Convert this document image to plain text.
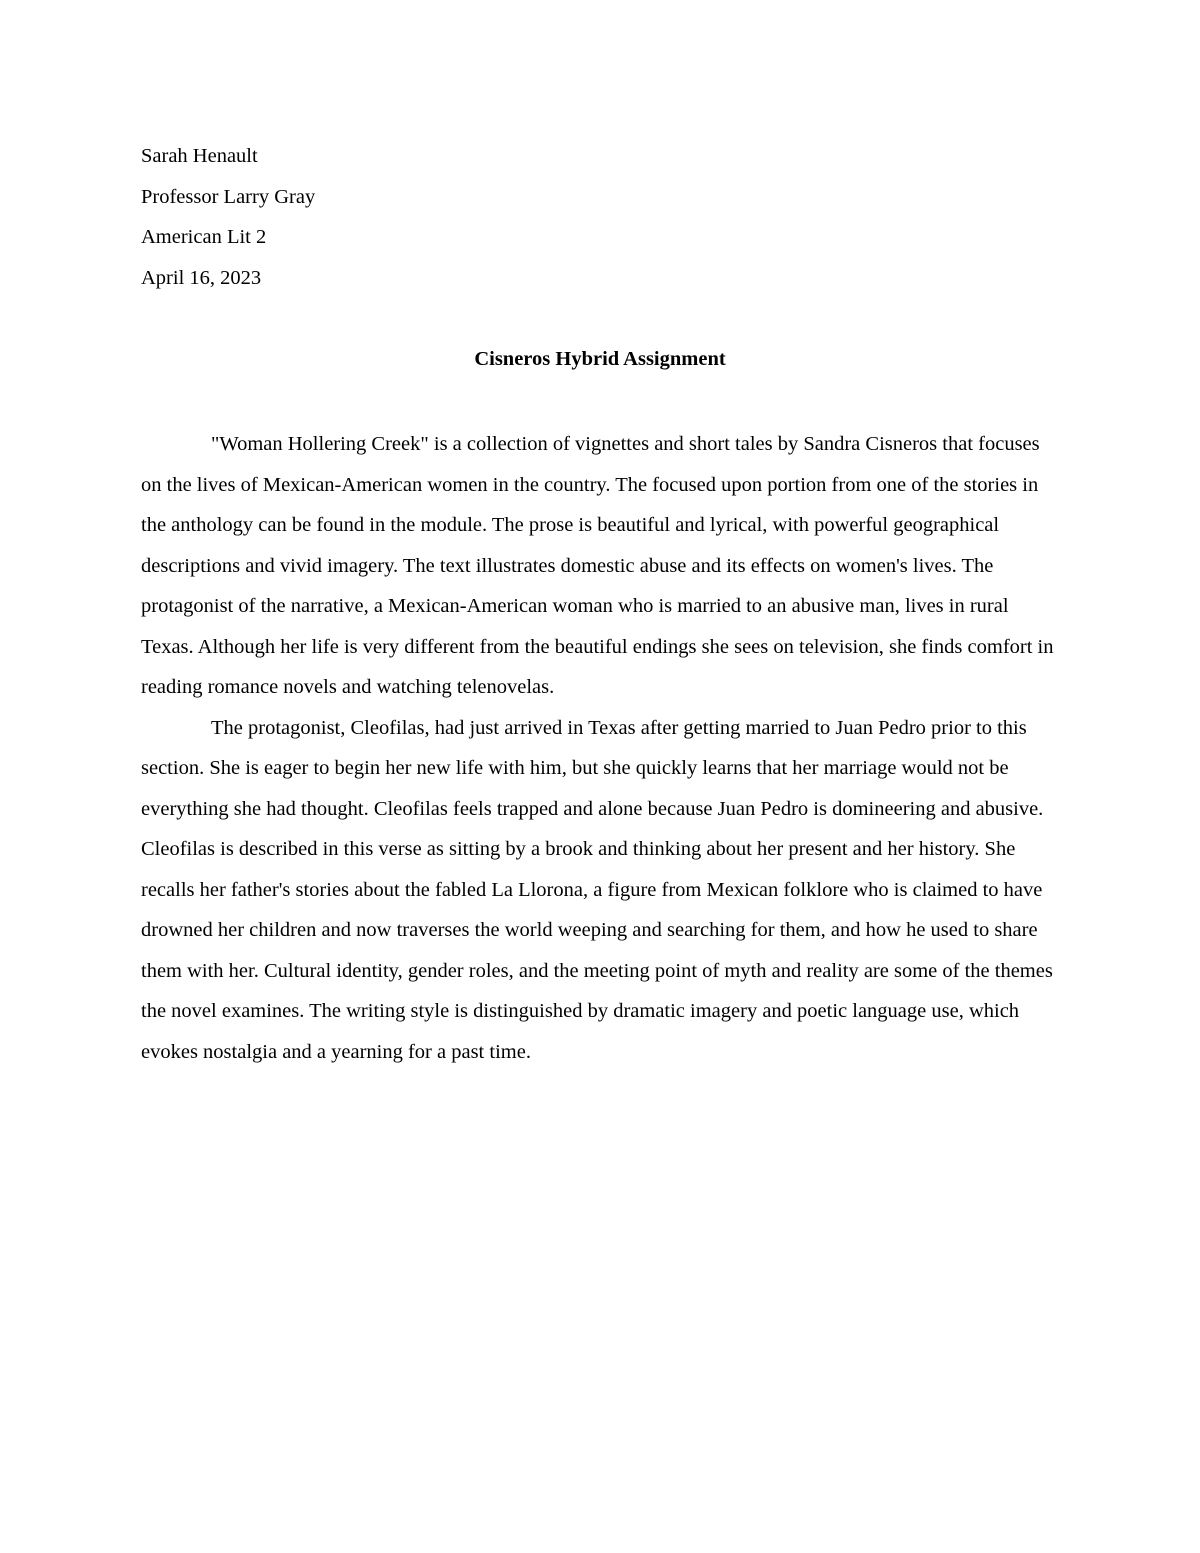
Sarah Henault
Professor Larry Gray
American Lit 2
April 16, 2023
Cisneros Hybrid Assignment

"Woman Hollering Creek" is a collection of vignettes and short tales by Sandra Cisneros that focuses on the lives of Mexican-American women in the country. The focused upon portion from one of the stories in the anthology can be found in the module. The prose is beautiful and lyrical, with powerful geographical descriptions and vivid imagery. The text illustrates domestic abuse and its effects on women's lives. The protagonist of the narrative, a Mexican-American woman who is married to an abusive man, lives in rural Texas. Although her life is very different from the beautiful endings she sees on television, she finds comfort in reading romance novels and watching telenovelas.

The protagonist, Cleofilas, had just arrived in Texas after getting married to Juan Pedro prior to this section. She is eager to begin her new life with him, but she quickly learns that her marriage would not be everything she had thought. Cleofilas feels trapped and alone because Juan Pedro is domineering and abusive. Cleofilas is described in this verse as sitting by a brook and thinking about her present and her history. She recalls her father's stories about the fabled La Llorona, a figure from Mexican folklore who is claimed to have drowned her children and now traverses the world weeping and searching for them, and how he used to share them with her. Cultural identity, gender roles, and the meeting point of myth and reality are some of the themes the novel examines. The writing style is distinguished by dramatic imagery and poetic language use, which evokes nostalgia and a yearning for a past time.
